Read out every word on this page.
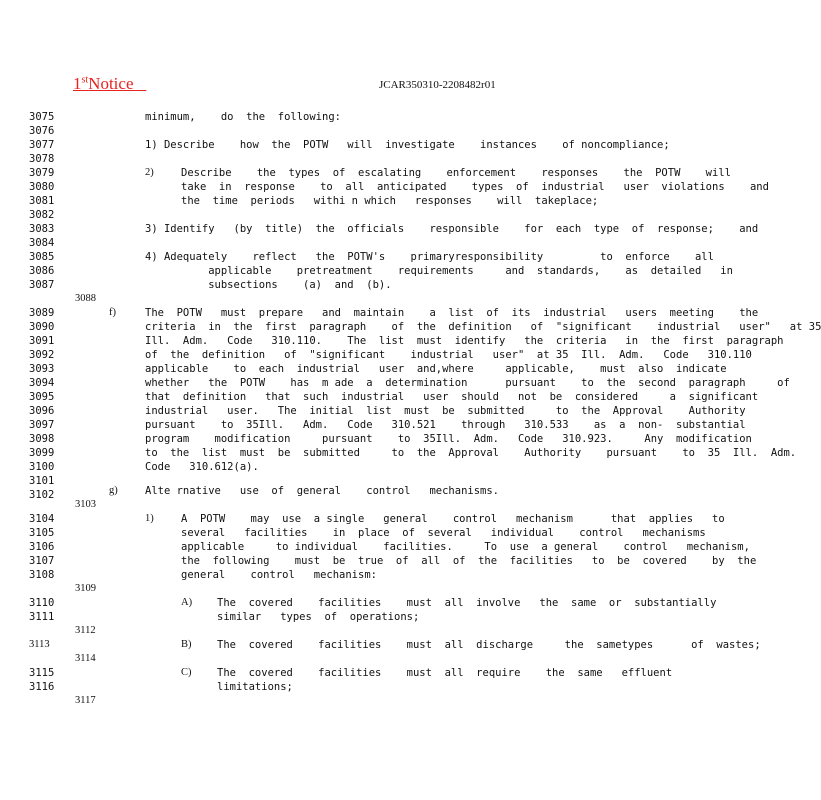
1stNotice	JCAR350310-2208482r01
3075
3076
3077
3078
3079
3080
3081
3082
3083
3084
3085
3086
3087
3088
3089
3090
3091
3092
3093
3094
3095
3096
3097
3098
3099
3100
3101
3102
3103
3104
3105
3106
3107
3108
3109
3110
3111
3112
3113
3114
3115
3116
3117
minimum,    do  the  following:
1) Describe    how  the  POTW   will  investigate    instances    of noncompliance;
2)	Describe    the  types  of  escalating    enforcement    responses    the  POTW    will
take  in  response    to  all  anticipated    types  of  industrial   user  violations    and
the  time  periods   withi n which   responses    will  takeplace;
3) Identify   (by  title)  the  officials    responsible    for  each  type  of  response;    and
4) Adequately    reflect   the  POTW's    primaryresponsibility         to  enforce    all
applicable    pretreatment    requirements     and  standards,    as  detailed   in
subsections    (a)  and  (b).
f)	The  POTW   must  prepare   and  maintain    a  list  of  its  industrial   users  meeting    the
criteria  in  the  first  paragraph    of  the  definition   of  "significant    industrial   user"   at 35
Ill.  Adm.   Code   310.110.    The  list  must  identify   the  criteria   in  the  first  paragraph
of  the  definition   of  "significant    industrial   user"  at 35  Ill.  Adm.   Code   310.110
applicable    to  each  industrial   user  and,where     applicable,    must  also  indicate
whether   the  POTW    has  m ade  a  determination      pursuant    to  the  second  paragraph     of
that  definition   that  such  industrial   user  should   not  be  considered     a  significant
industrial   user.   The  initial  list  must  be  submitted     to  the  Approval    Authority
pursuant    to  35Ill.   Adm.   Code   310.521    through   310.533    as  a  non-  substantial
program    modification     pursuant    to  35Ill.  Adm.   Code   310.923.     Any  modification
to  the  list  must  be  submitted     to  the  Approval    Authority    pursuant    to  35  Ill.  Adm.
Code   310.612(a).
g)	Alte rnative   use  of  general    control   mechanisms.
1)	A  POTW    may  use  a single   general    control   mechanism      that  applies   to
several   facilities    in  place  of  several   individual    control   mechanisms
applicable     to individual    facilities.     To  use  a general    control   mechanism,
the  following    must  be  true  of  all  of  the  facilities   to  be  covered    by  the
general    control   mechanism:
A) The  covered    facilities    must  all  involve   the  same  or  substantially
similar   types  of  operations;
B) The  covered    facilities    must  all  discharge     the  sametypes      of  wastes;
C) The  covered    facilities    must  all  require    the  same   effluent
limitations;
